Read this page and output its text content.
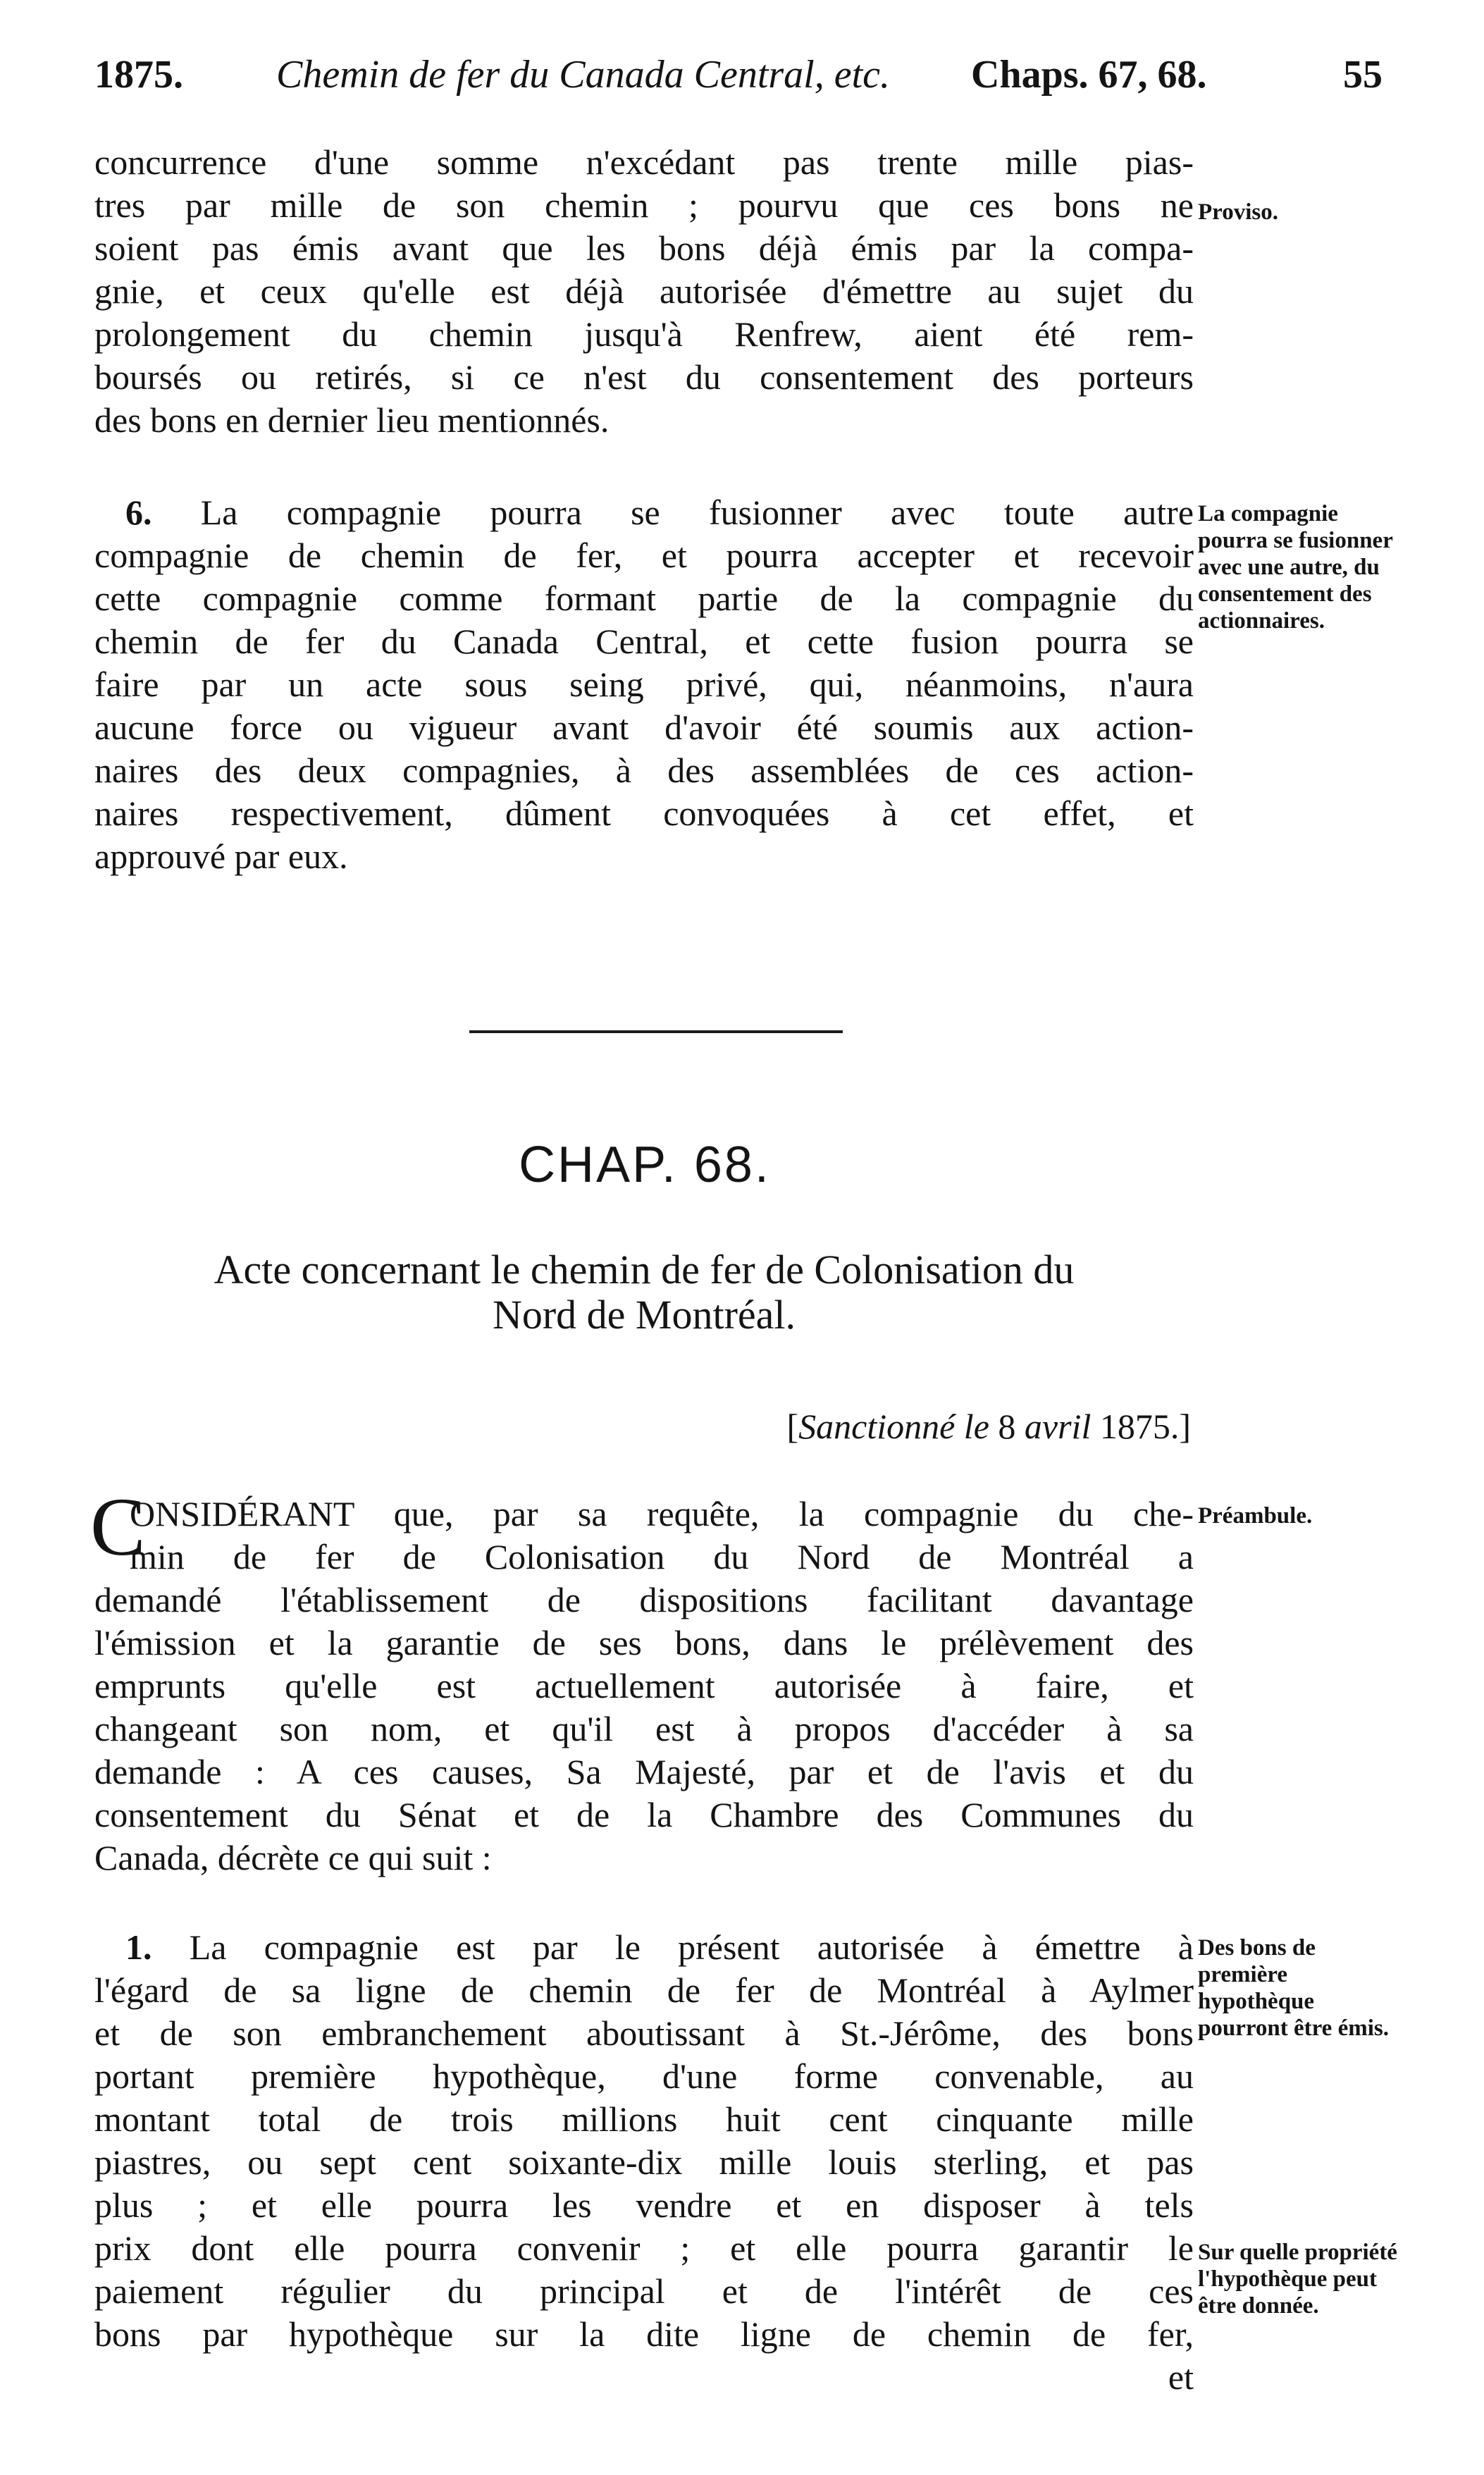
1875. Chemin de fer du Canada Central, etc. Chaps. 67, 68.	55
concurrence d'une somme n'excédant pas trente mille pias-
tres par mille de son chemin ; pourvu que ces bons ne
soient pas émis avant que les bons déjà émis par la compa-
gnie, et ceux qu'elle est déjà autorisée d'émettre au sujet du
prolongement du chemin jusqu'à Renfrew, aient été rem-
boursés ou retirés, si ce n'est du consentement des porteurs
des bons en dernier lieu mentionnés.
Proviso.
6. La compagnie pourra se fusionner avec toute autre
compagnie de chemin de fer, et pourra accepter et recevoir
cette compagnie comme formant partie de la compagnie du
chemin de fer du Canada Central, et cette fusion pourra se
faire par un acte sous seing privé, qui, néanmoins, n'aura
aucune force ou vigueur avant d'avoir été soumis aux action-
naires des deux compagnies, à des assemblées de ces action-
naires respectivement, dûment convoquées à cet effet, et
approuvé par eux.
La compagnie pourra se fusionner avec une autre, du consentement des actionnaires.
CHAP. 68.
Acte concernant le chemin de fer de Colonisation du
Nord de Montréal.
[Sanctionné le 8 avril 1875.]
C
ONSIDÉRANT que, par sa requête, la compagnie du che-
min de fer de Colonisation du Nord de Montréal a
demandé l'établissement de dispositions facilitant davantage
l'émission et la garantie de ses bons, dans le prélèvement des
emprunts qu'elle est actuellement autorisée à faire, et
changeant son nom, et qu'il est à propos d'accéder à sa
demande : A ces causes, Sa Majesté, par et de l'avis et du
consentement du Sénat et de la Chambre des Communes du
Canada, décrète ce qui suit :
Préambule.
1. La compagnie est par le présent autorisée à émettre à
l'égard de sa ligne de chemin de fer de Montréal à Aylmer
et de son embranchement aboutissant à St.-Jérôme, des bons
portant première hypothèque, d'une forme convenable, au
montant total de trois millions huit cent cinquante mille
piastres, ou sept cent soixante-dix mille louis sterling, et pas
plus ; et elle pourra les vendre et en disposer à tels
prix dont elle pourra convenir ; et elle pourra garantir le
paiement régulier du principal et de l'intérêt de ces
bons par hypothèque sur la dite ligne de chemin de fer,
et
Des bons de première hypothèque pourront être émis.
Sur quelle propriété l'hypothèque peut être donnée.
